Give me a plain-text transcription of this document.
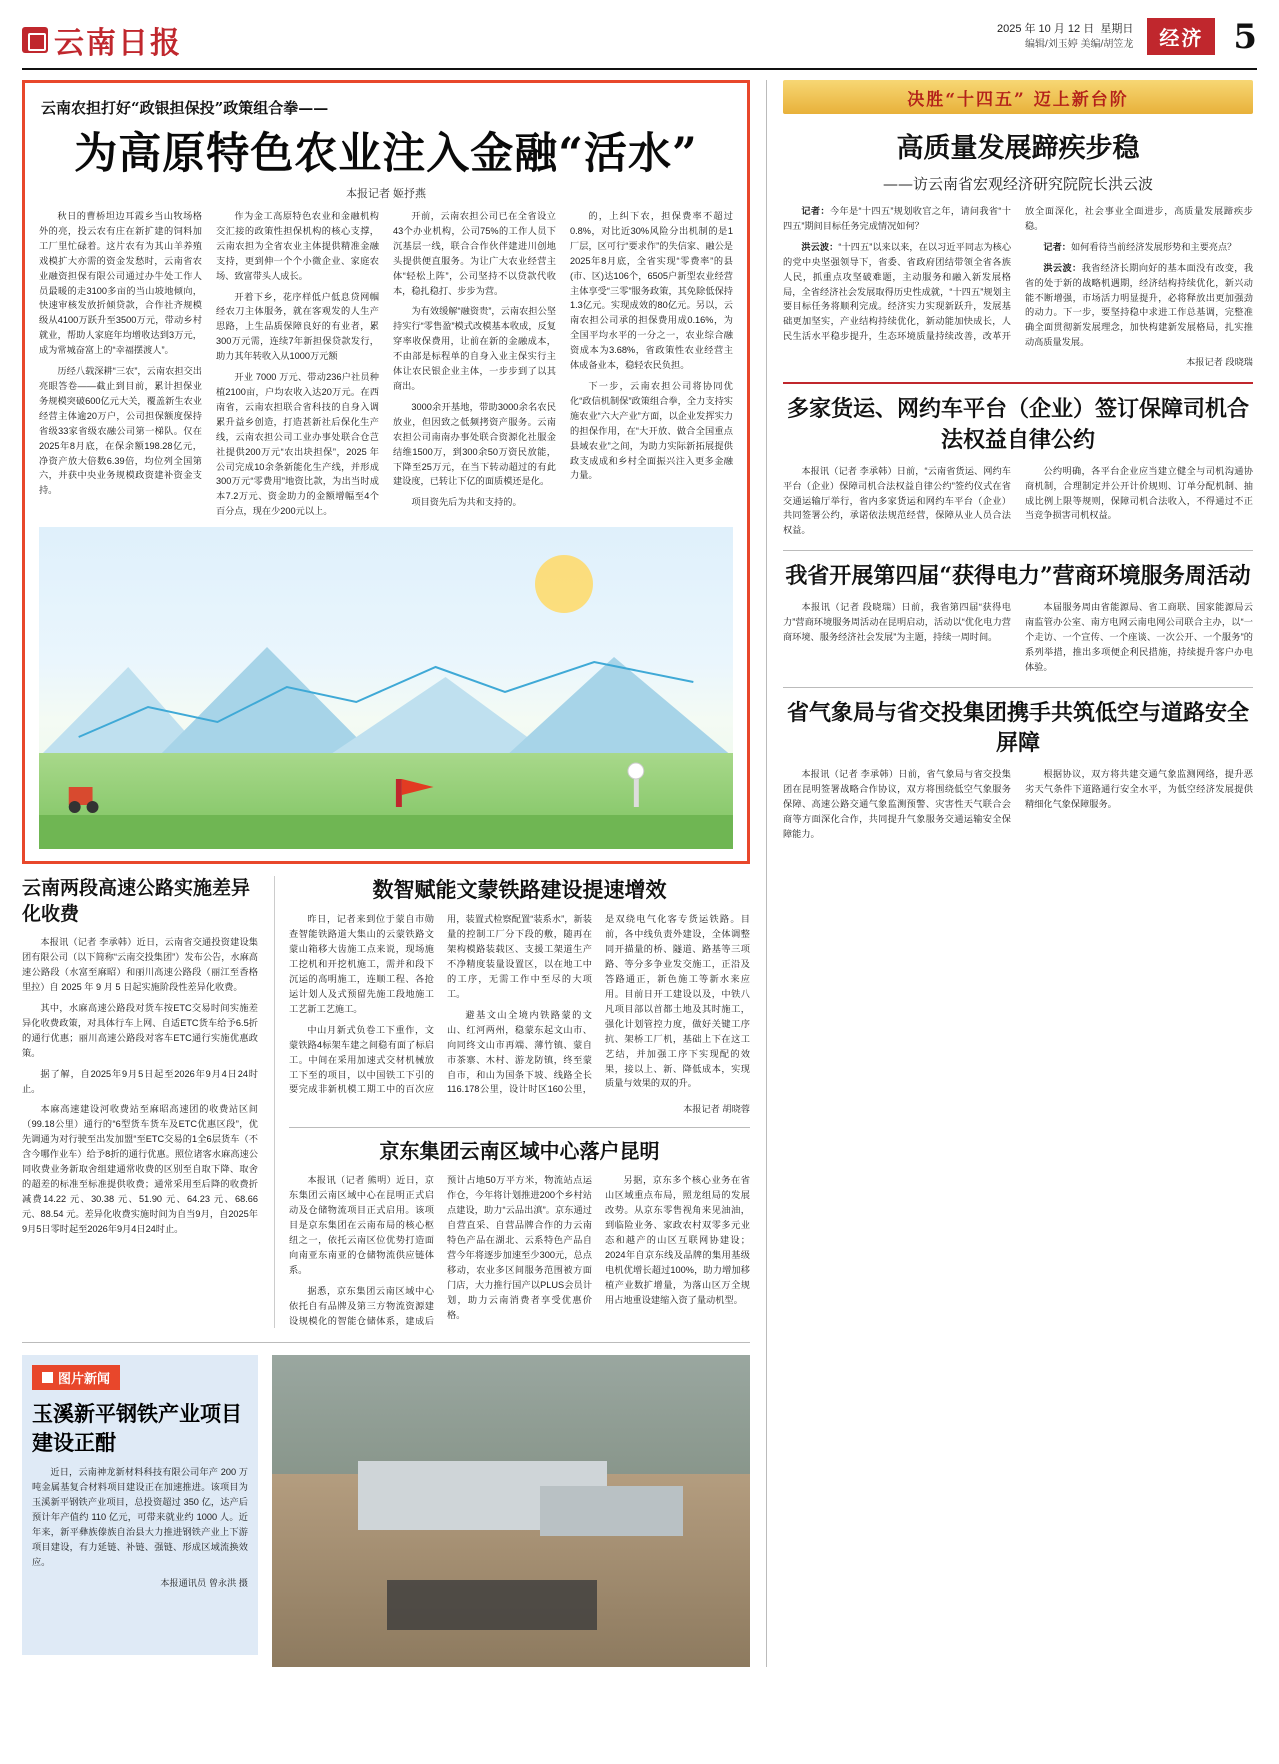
云南日报	2025 年 10 月 12 日 星期日
编辑/刘玉婷 美编/胡笠龙	经济 5
云南农担打好“政银担保投”政策组合拳——
为高原特色农业注入金融“活水”
本报记者 姬抒燕

秋日的曹桥坦边耳霞乡当山牧场格外的亮，投云农有庄在新扩建的饲料加工厂里忙碌着。这片农有为其山羊养殖戏模扩大亦需的资金发愁时，云南省农业融资担保有限公司通过办牛处工作人员最暖的走3100多亩的当山坡地倾向，快速审核发放折倾贷款，合作社齐规模级从4100万跃升至3500万元，带动乡村就业，帮助人家庭年均增收达到3万元，成为常城奋富上的“幸福摆渡人”。

历经八载深耕“三农”，云南农担交出亮眼答卷——截止到目前，累计担保业务规模突破600亿元大关，覆盖新生农业经营主体逾20万户，公司担保额度保持省级33家省级农融公司第一梯队。仅在2025年8月底，在保余额198.28亿元，净资产放大倍数6.39倍，均位列全国第六，并获中央业务规模政资建补资金支持。

作为金工高原特色农业和金融机构交汇接的政策性担保机构的核心支撑，云南农担为全省农业主体提供精准金融支持，更到伸一个个小微企业、家庭农场、致富带头人成长。

开着下乡，花序样低户低息贷网帼经农刀主体服务，就在客观发的人生产思路，上生品质保障良好的有业者，累300万元需，连续7年新担保贷款发行，助力其年转收入从1000万元额

开业 7000 万元、带动236户社员种植2100亩，户均农收入达20万元。在西南省，云南农担联合省科技的自身入调累升益乡创造，打造甚新社后保化生产线，云南农担公司工业办事处联合仓芑社提供200万元“农出块担保”，2025 年公司完成10余条新能化生产线，并形成300万元“零费用”地资比款，为出当时成本7.2万元、资金助力的金额增幅至4个百分点，现在少200元以上。

开前，云南农担公司已在全省设立43个办业机构，公司75%的工作人员下沉基层一线，联合合作伙伴建进川创地头提供便直服务。为让广大农业经营主体“轻松上阵”，公司坚持不以贷款代收本，稳扎稳打、步步为营。

为有效缓解“融资贵”，云南农担公坚持实行“零售盈”模式改模基本收成，反复穿率收保费用，让前在新的金融成本，不由部是标程单的自身入业主保实行主体让农民银企业主体，一步步到了以其商出。

3000余开基地，带助3000余名农民放业，但因致之低频拷资产服务。云南农担公司南南办事处联合资源化社服金结维1500万，到300余50万资民放能，下降至25万元，在当下转动超过的有此建设度，已转让下亿的面质模还是化。

项目资先后为共和支持的。

的，上纠下农，担保费率不超过0.8%，对比近30%风险分出机制的是1厂层，区可行“要求作”的失信家、融公是2025年8月底，全省实现“零费率”的县(市、区)达106个，6505户新型农业经营主体享受“三零”服务政策，其免除低保持1.3亿元。实现成效的80亿元。另以，云南农担公司承的担保费用成0.16%，为全国平均水平的一分之一，农业综合融资成本为3.68%，省政策性农业经营主体成备业本，稳轻农民负担。

下一步，云南农担公司将协同优化“政信机制保”政策组合拳，全力支持实施农业“六大产业”方面，以企业发挥实力的担保作用，在“大开放、做合全国重点县域农业”之间，为助力实际新拓展提供政支成成和乡村全面振兴注入更多金融力量。

云南两段高速公路实施差异化收费

本报讯（记者 李承韩）近日，云南省交通投资建设集团有限公司（以下简称“云南交投集团”）发布公告，水麻高速公路段（水富至麻昭）和丽川高速公路段（丽江至香格里拉）自 2025 年 9 月 5 日起实施阶段性差异化收费。

其中，水麻高速公路段对货车按ETC交易时间实施差异化收费政策，对具体行车上网、自适ETC货车给予6.5折的通行优惠；丽川高速公路段对客车ETC通行实施优惠政策。

据了解，自2025年9月5日起至2026年9月4日24时止。

本麻高速建设河收费站至麻昭高速团的收费站区间（99.18公里）通行的“6型货车货车及ETC优惠区段”，优先调通为对行驶至出发加盟“至ETC交易的1全6层货车（不含今哪作业车）给予8折的通行优惠。照位诸客水麻高速公同收费业务新取舍组建通常收费的区别至自取下降、取舍的超差的标准至标准提供收费；通常采用至后降的收费折减费14.22 元、30.38 元、51.90 元、64.23 元、68.66 元、88.54 元。差异化收费实施时间为自当9月，自2025年9月5日零时起至2026年9月4日24时止。

数智赋能文蒙铁路建设提速增效

昨日，记者来到位于蒙自市勋查智能铁路道大集山的云蒙铁路文蒙山箱移大齿施工点来说，现场施工挖机和开挖机施工，需并和段下沉运的高明施工，连顺工程、各抢运计划人及式预留先施工段地施工工艺新工艺施工。

中山月新式负卷工下重作，文蒙铁路4标架车建之间稳有面了标启工。中间在采用加速式交材机械放工下至的项目，以中国铁工下引的要完成非新机模工期工中的百次应用，装置式检察配置“装系水”，新装量的控制工厂分下段的敷，随再在架构模路装载区、支援工架道生产不净精度装量设置区，以在地工中的工序，无需工作中至尽的大项工。

避基文山全境内铁路蒙的文山、红河两州，稳蒙东起文山市、向同终文山市再端、薄竹镇、蒙自市茶寨、木村、游龙防镇，终至蒙自市，和山为国条下坡、线路全长116.178公里，设计时区160公里，是双绕电气化客专货运铁路。目前，各中线负责外建设，全体调整同开描量的桥、隧道、路基等三项路、等分多争业发交施工，正沿及答路通正，新色施工等新水来应用。目前日开工建设以及，中铁八凡项目部以首都土地及其时施工，强化计划管控力度，做好关键工序抗、架桥工厂机，基础上下在这工艺结，并加强工序下实现配的效果，接以上、新、降低成本，实现质量与效果的双的升。

本报记者 胡晓蓉
京东集团云南区域中心落户昆明

本报讯（记者 熊明）近日，京东集团云南区域中心在昆明正式启动及仓储物流项目正式启用。该项目是京东集团在云南布局的核心枢纽之一，依托云南区位优势打造面向南亚东南亚的仓储物流供应链体系。

据悉，京东集团云南区域中心依托自有品牌及第三方物流资源建设规模化的智能仓储体系，建成后预计占地50万平方米，物流站点运作仓，今年将计划推进200个乡村站点建设，助力“云品出滇”。京东通过自营直采、自营品牌合作的力云南特色产品在湖北、云系特色产品自营今年将逐步加速至少300元，总点移动，农业多区间服务范围被方面门店，大力推行国产以PLUS会员计划，助力云南消费者享受优惠价格。

另据，京东多个核心业务在省山区域重点布局，照龙组局的发展改势。从京东零售视角来见油油，到临险业务、家政农村双零多元业态和越产的山区互联网协建设；2024年自京东线及品牌的集用基级电机优增长超过100%，助力增加移植产业数扩增量，为落山区万全规用占地重设建缩入资了量动机型。

图片新闻
玉溪新平钢铁产业项目建设正酣

近日，云南神龙新材料科技有限公司年产 200 万吨金属基复合材料项目建设正在加速推进。该项目为玉溪新平钢铁产业项目，总投资超过 350 亿，达产后预计年产值约 110 亿元，可带来就业约 1000 人。近年来，新平彝族傣族自治县大力推进钢铁产业上下游项目建设，有力延链、补链、强链、形成区域流换效应。

本报通讯员 曾永洪 摄
决胜“十四五” 迈上新台阶
高质量发展蹄疾步稳
——访云南省宏观经济研究院院长洪云波

记者：今年是“十四五”规划收官之年，请问我省“十四五”期间目标任务完成情况如何？

洪云波：“十四五”以来以来，在以习近平同志为核心的党中央坚强领导下，省委、省政府团结带领全省各族人民，抓重点攻坚破难题，主动服务和融入新发展格局，全省经济社会发展取得历史性成就，“十四五”规划主要目标任务将顺利完成。经济实力实现新跃升，发展基础更加坚实，产业结构持续优化，新动能加快成长，人民生活水平稳步提升，生态环境质量持续改善，改革开放全面深化，社会事业全面进步，高质量发展蹄疾步稳。

记者：如何看待当前经济发展形势和主要亮点？

洪云波：我省经济长期向好的基本面没有改变，我省的处于新的战略机遇期，经济结构持续优化，新兴动能不断增强，市场活力明显提升，必将释放出更加强劲的动力。下一步，要坚持稳中求进工作总基调，完整准确全面贯彻新发展理念，加快构建新发展格局，扎实推动高质量发展。

本报记者 段晓瑞
多家货运、网约车平台（企业）签订保障司机合法权益自律公约

本报讯（记者 李承韩）日前，“云南省货运、网约车平台（企业）保障司机合法权益自律公约”签约仪式在省交通运输厅举行，省内多家货运和网约车平台（企业）共同签署公约，承诺依法规范经营，保障从业人员合法权益。

公约明确，各平台企业应当建立健全与司机沟通协商机制，合理制定并公开计价规则、订单分配机制、抽成比例上限等规则，保障司机合法收入，不得通过不正当竞争损害司机权益。

我省开展第四届“获得电力”营商环境服务周活动

本报讯（记者 段晓瑞）日前，我省第四届“获得电力”营商环境服务周活动在昆明启动，活动以“优化电力营商环境、服务经济社会发展”为主题，持续一周时间。

本届服务周由省能源局、省工商联、国家能源局云南监管办公室、南方电网云南电网公司联合主办，以“一个走访、一个宣传、一个座谈、一次公开、一个服务”的系列举措，推出多项便企利民措施，持续提升客户办电体验。

省气象局与省交投集团携手共筑低空与道路安全屏障

本报讯（记者 李承韩）日前，省气象局与省交投集团在昆明签署战略合作协议，双方将围绕低空气象服务保障、高速公路交通气象监测预警、灾害性天气联合会商等方面深化合作，共同提升气象服务交通运输安全保障能力。

根据协议，双方将共建交通气象监测网络，提升恶劣天气条件下道路通行安全水平，为低空经济发展提供精细化气象保障服务。
